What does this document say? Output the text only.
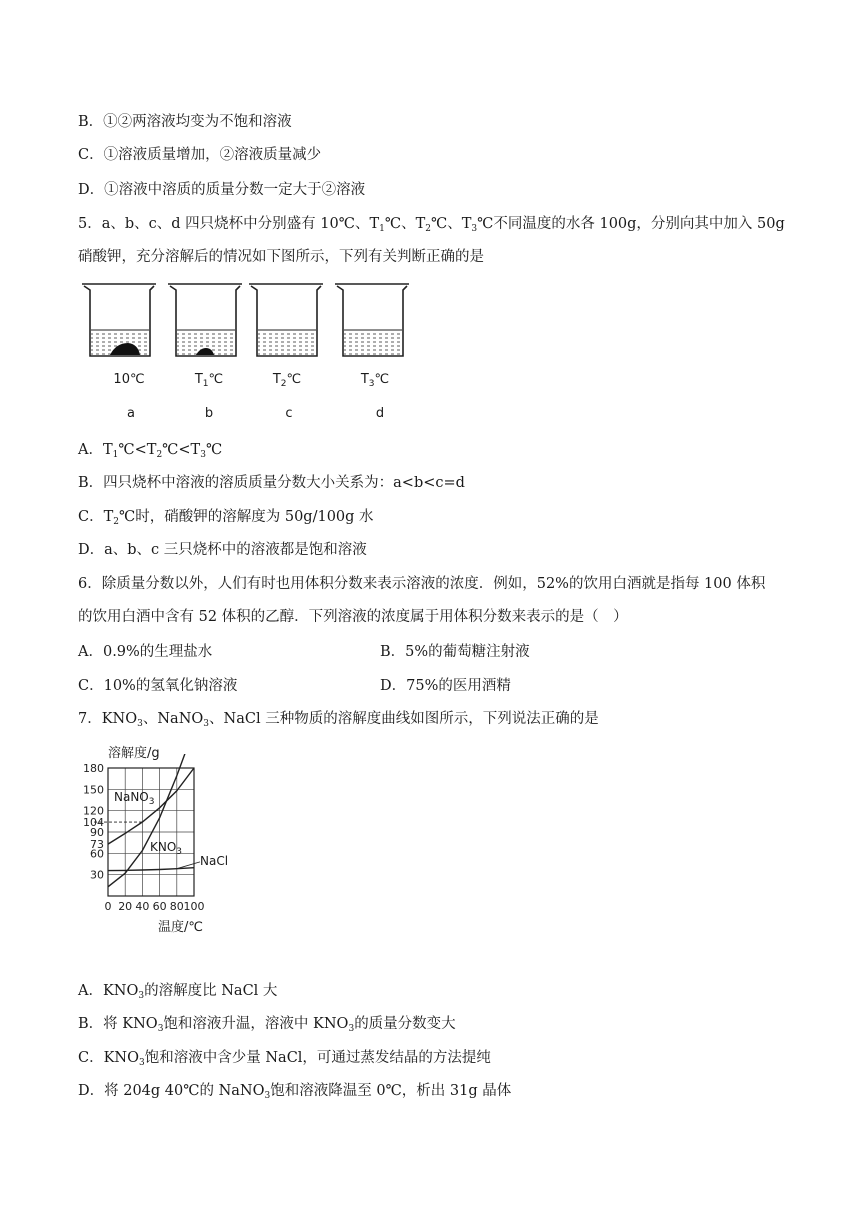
B．①②两溶液均变为不饱和溶液
C．①溶液质量增加，②溶液质量减少
D．①溶液中溶质的质量分数一定大于②溶液
5．a、b、c、d 四只烧杯中分别盛有 10℃、$T_1℃$、$T_2℃$、$T_3℃$不同温度的水各 100g，分别向其中加入 50g
硝酸钾，充分溶解后的情况如下图所示，下列有关判断正确的是
10℃	$T_1℃$	$T_2℃$	$T_3℃$
a	b	c	d
A．$T_1℃<T_2℃<T_3℃$
B．四只烧杯中溶液的溶质质量分数大小关系为：a<b<c=d
C．$T_2℃$时，硝酸钾的溶解度为 50g/100g 水
D．a、b、c 三只烧杯中的溶液都是饱和溶液
6．除质量分数以外，人们有时也用体积分数来表示溶液的浓度．例如，52%的饮用白酒就是指每 100 体积
的饮用白酒中含有 52 体积的乙醇．下列溶液的浓度属于用体积分数来表示的是（　）
A．0.9%的生理盐水	B．5%的葡萄糖注射液
C．10%的氢氧化钠溶液	D．75%的医用酒精
7．$KNO_3$、NaNO$_3$、NaCl 三种物质的溶解度曲线如图所示，下列说法正确的是
30
60
73
90
104
120
150
180
0 20 40 60 80 100
溶解度/g
温度/℃
NaNO$_3$
$KNO_3$
NaCl
A．$KNO_3$的溶解度比 NaCl 大
B．将 $KNO_3$饱和溶液升温，溶液中 $KNO_3$的质量分数变大
C．$KNO_3$饱和溶液中含少量 NaCl，可通过蒸发结晶的方法提纯
D．将 204g 40℃的 NaNO$_3$饱和溶液降温至 0℃，析出 31g 晶体
